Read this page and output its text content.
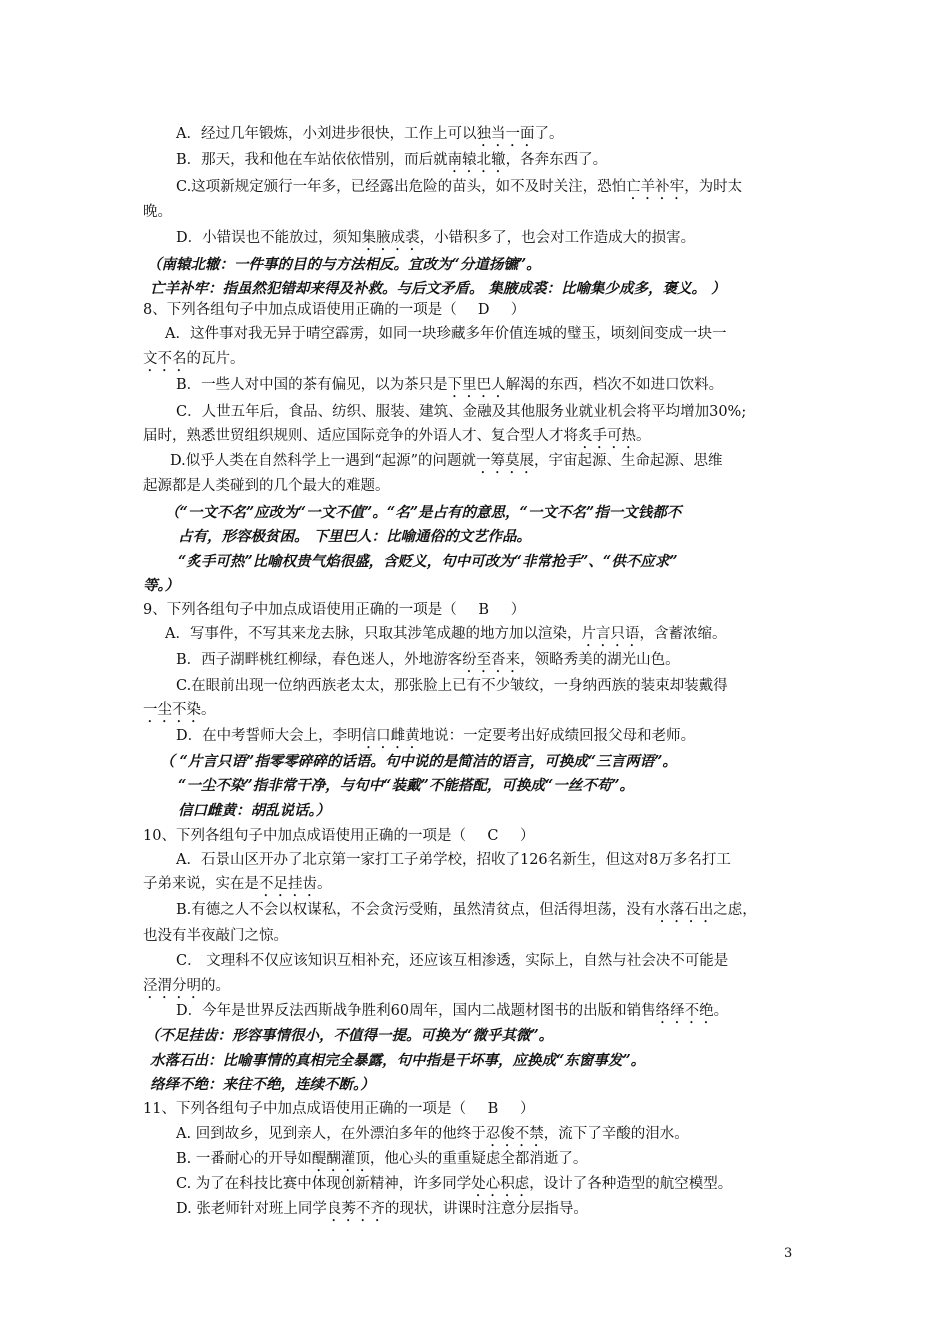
A．经过几年锻炼，小刘进步很快，工作上可以独当一面了。
B．那天，我和他在车站依依惜别，而后就南辕北辙，各奔东西了。
C.这项新规定颁行一年多，已经露出危险的苗头，如不及时关注，恐怕亡羊补牢，为时太
晚。
D．小错误也不能放过，须知集腋成裘，小错积多了，也会对工作造成大的损害。
（南辕北辙：一件事的目的与方法相反。宜改为“分道扬镳”。
亡羊补牢：指虽然犯错却来得及补救。与后文矛盾。 集腋成裘：比喻集少成多，褒义。 ）
8、下列各组句子中加点成语使用正确的一项是（ D ）
A．这件事对我无异于晴空霹雳，如同一块珍藏多年价值连城的璧玉，顷刻间变成一块一
文不名的瓦片。
B．一些人对中国的茶有偏见，以为茶只是下里巴人解渴的东西，档次不如进口饮料。
C．人世五年后，食品、纺织、服装、建筑、金融及其他服务业就业机会将平均增加30%;
届时，熟悉世贸组织规则、适应国际竞争的外语人才、复合型人才将炙手可热。
D.似乎人类在自然科学上一遇到“起源”的问题就一筹莫展，宇宙起源、生命起源、思维
起源都是人类碰到的几个最大的难题。
（“一文不名”应改为“一文不值”。“名”是占有的意思，“一文不名”指一文钱都不
占有，形容极贫困。 下里巴人：比喻通俗的文艺作品。
“炙手可热”比喻权贵气焰很盛，含贬义，句中可改为“非常抢手”、“供不应求”
等。）
9、下列各组句子中加点成语使用正确的一项是（ B ）
A．写事件，不写其来龙去脉，只取其涉笔成趣的地方加以渲染，片言只语，含蓄浓缩。
B．西子湖畔桃红柳绿，春色迷人，外地游客纷至沓来，领略秀美的湖光山色。
C.在眼前出现一位纳西族老太太，那张脸上已有不少皱纹，一身纳西族的装束却装戴得
一尘不染。
D．在中考誓师大会上，李明信口雌黄地说：一定要考出好成绩回报父母和老师。
（ “片言只语”指零零碎碎的话语。句中说的是简洁的语言，可换成“三言两语”。
“一尘不染”指非常干净，与句中“装戴”不能搭配，可换成“一丝不苟”。
信口雌黄：胡乱说话。）
10、下列各组句子中加点成语使用正确的一项是（ C ）
A．石景山区开办了北京第一家打工子弟学校，招收了126名新生，但这对8万多名打工
子弟来说，实在是不足挂齿。
B.有德之人不会以权谋私，不会贪污受贿，虽然清贫点，但活得坦荡，没有水落石出之虑，
也没有半夜敲门之惊。
C． 文理科不仅应该知识互相补充，还应该互相渗透，实际上，自然与社会决不可能是
泾渭分明的。
D．今年是世界反法西斯战争胜利60周年，国内二战题材图书的出版和销售络绎不绝。
（不足挂齿：形容事情很小，不值得一提。可换为“微乎其微”。
水落石出：比喻事情的真相完全暴露，句中指是干坏事，应换成“东窗事发”。
络绎不绝：来往不绝，连续不断。）
11、下列各组句子中加点成语使用正确的一项是（ B ）
A. 回到故乡，见到亲人，在外漂泊多年的他终于忍俊不禁，流下了辛酸的泪水。
B. 一番耐心的开导如醍醐灌顶，他心头的重重疑虑全都消逝了。
C. 为了在科技比赛中体现创新精神，许多同学处心积虑，设计了各种造型的航空模型。
D. 张老师针对班上同学良莠不齐的现状，讲课时注意分层指导。
3
